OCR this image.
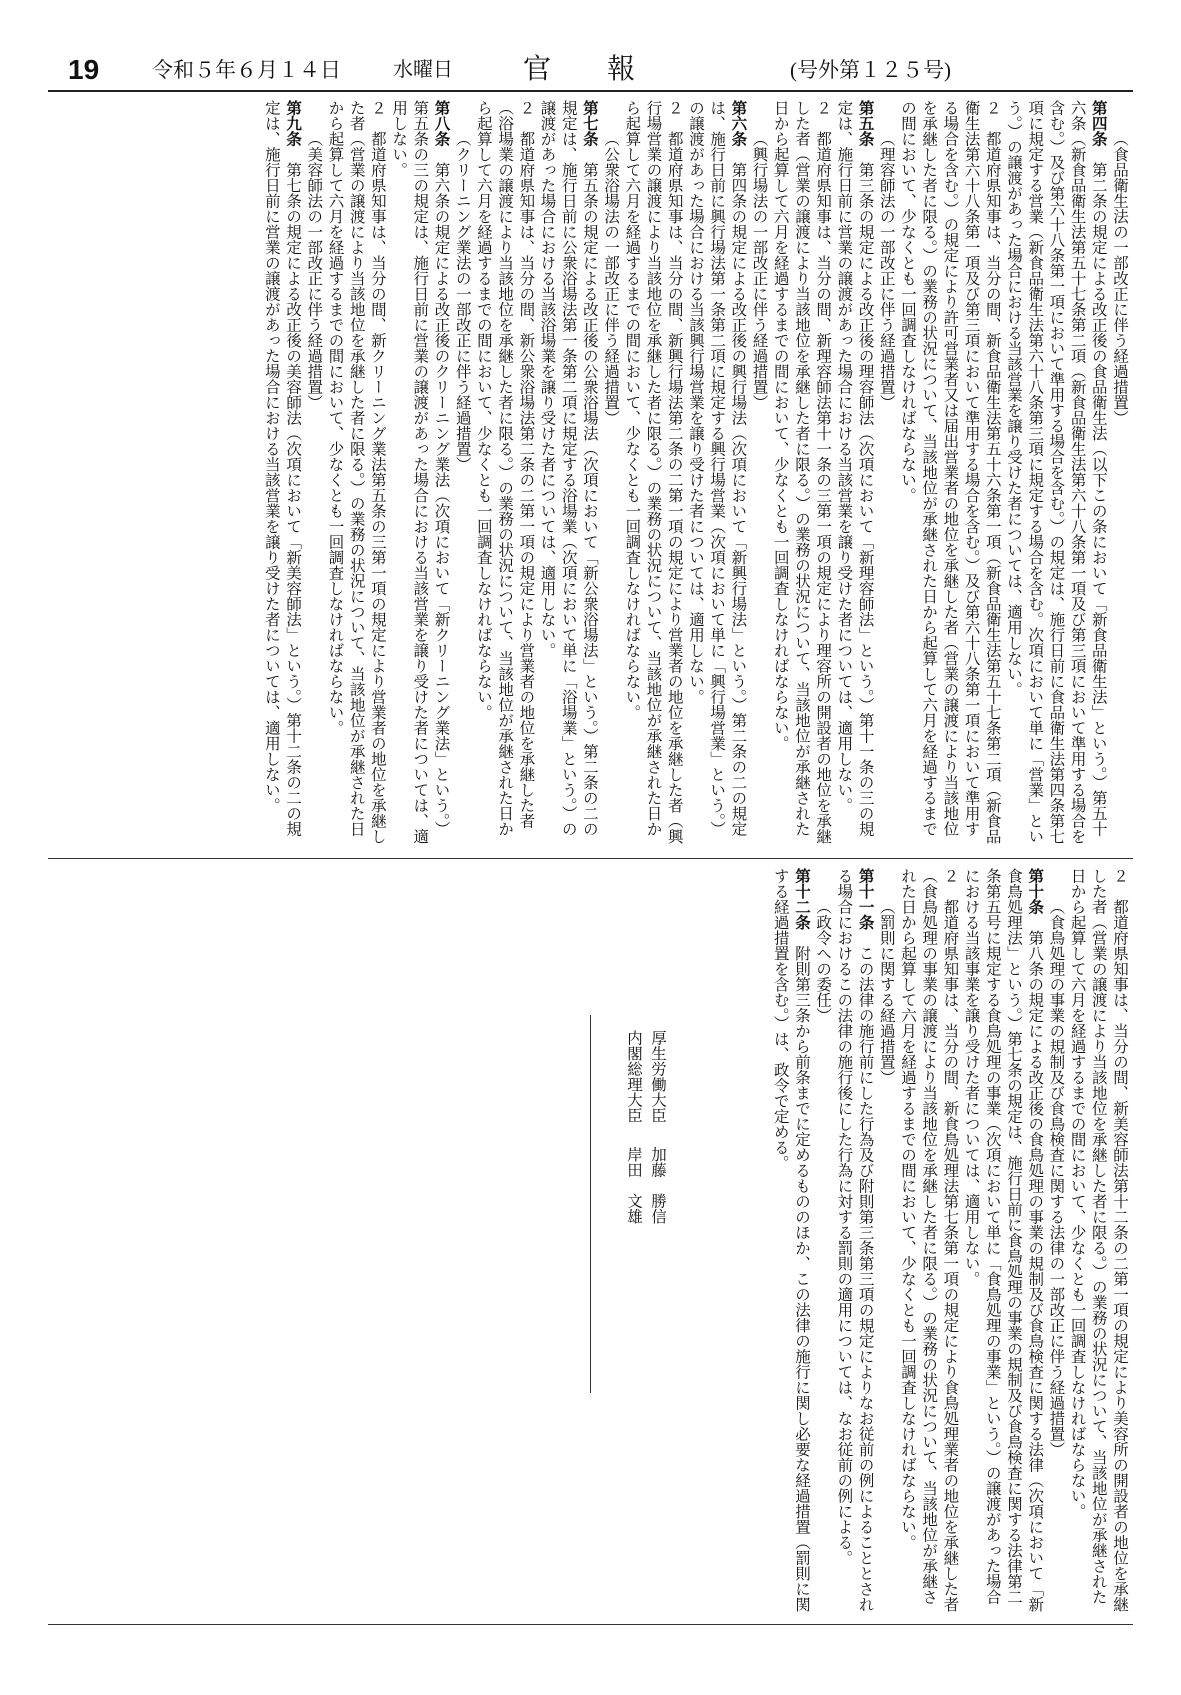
19	令和５年６月１４日	水曜日	官報	(号外第１２５号)

（食品衛生法の一部改正に伴う経過措置）

第四条　第二条の規定による改正後の食品衛生法（以下この条において「新食品衛生法」という。）第五十六条（新食品衛生法第五十七条第二項（新食品衛生法第六十八条第一項及び第三項において準用する場合を含む。）及び第六十八条第一項において準用する場合を含む。）の規定は、施行日前に食品衛生法第四条第七項に規定する営業（新食品衛生法第六十八条第三項に規定する場合を含む。次項において単に「営業」という。）の譲渡があった場合における当該営業を譲り受けた者については、適用しない。

２　都道府県知事は、当分の間、新食品衛生法第五十六条第一項（新食品衛生法第五十七条第二項（新食品衛生法第六十八条第一項及び第三項において準用する場合を含む。）及び第六十八条第一項において準用する場合を含む。）の規定により許可営業者又は届出営業者の地位を承継した者（営業の譲渡により当該地位を承継した者に限る。）の業務の状況について、当該地位が承継された日から起算して六月を経過するまでの間において、少なくとも一回調査しなければならない。

（理容師法の一部改正に伴う経過措置）

第五条　第三条の規定による改正後の理容師法（次項において「新理容師法」という。）第十一条の三の規定は、施行日前に営業の譲渡があった場合における当該営業を譲り受けた者については、適用しない。

２　都道府県知事は、当分の間、新理容師法第十一条の三第一項の規定により理容所の開設者の地位を承継した者（営業の譲渡により当該地位を承継した者に限る。）の業務の状況について、当該地位が承継された日から起算して六月を経過するまでの間において、少なくとも一回調査しなければならない。

（興行場法の一部改正に伴う経過措置）

第六条　第四条の規定による改正後の興行場法（次項において「新興行場法」という。）第二条の二の規定は、施行日前に興行場法第一条第二項に規定する興行場営業（次項において単に「興行場営業」という。）の譲渡があった場合における当該興行場営業を譲り受けた者については、適用しない。

２　都道府県知事は、当分の間、新興行場法第二条の二第一項の規定により営業者の地位を承継した者（興行場営業の譲渡により当該地位を承継した者に限る。）の業務の状況について、当該地位が承継された日から起算して六月を経過するまでの間において、少なくとも一回調査しなければならない。

（公衆浴場法の一部改正に伴う経過措置）

第七条　第五条の規定による改正後の公衆浴場法（次項において「新公衆浴場法」という。）第二条の二の規定は、施行日前に公衆浴場法第一条第二項に規定する浴場業（次項において単に「浴場業」という。）の譲渡があった場合における当該浴場業を譲り受けた者については、適用しない。

２　都道府県知事は、当分の間、新公衆浴場法第二条の二第一項の規定により営業者の地位を承継した者（浴場業の譲渡により当該地位を承継した者に限る。）の業務の状況について、当該地位が承継された日から起算して六月を経過するまでの間において、少なくとも一回調査しなければならない。

（クリーニング業法の一部改正に伴う経過措置）

第八条　第六条の規定による改正後のクリーニング業法（次項において「新クリーニング業法」という。）第五条の三の規定は、施行日前に営業の譲渡があった場合における当該営業を譲り受けた者については、適用しない。

２　都道府県知事は、当分の間、新クリーニング業法第五条の三第一項の規定により営業者の地位を承継した者（営業の譲渡により当該地位を承継した者に限る。）の業務の状況について、当該地位が承継された日から起算して六月を経過するまでの間において、少なくとも一回調査しなければならない。

（美容師法の一部改正に伴う経過措置）

第九条　第七条の規定による改正後の美容師法（次項において「新美容師法」という。）第十二条の二の規定は、施行日前に営業の譲渡があった場合における当該営業を譲り受けた者については、適用しない。

２　都道府県知事は、当分の間、新美容師法第十二条の二第一項の規定により美容所の開設者の地位を承継した者（営業の譲渡により当該地位を承継した者に限る。）の業務の状況について、当該地位が承継された日から起算して六月を経過するまでの間において、少なくとも一回調査しなければならない。

（食鳥処理の事業の規制及び食鳥検査に関する法律の一部改正に伴う経過措置）

第十条　第八条の規定による改正後の食鳥処理の事業の規制及び食鳥検査に関する法律（次項において「新食鳥処理法」という。）第七条の規定は、施行日前に食鳥処理の事業の規制及び食鳥検査に関する法律第二条第五号に規定する食鳥処理の事業（次項において単に「食鳥処理の事業」という。）の譲渡があった場合における当該事業を譲り受けた者については、適用しない。

２　都道府県知事は、当分の間、新食鳥処理法第七条第一項の規定により食鳥処理業者の地位を承継した者（食鳥処理の事業の譲渡により当該地位を承継した者に限る。）の業務の状況について、当該地位が承継された日から起算して六月を経過するまでの間において、少なくとも一回調査しなければならない。

（罰則に関する経過措置）

第十一条　この法律の施行前にした行為及び附則第三条第三項の規定によりなお従前の例によることとされる場合におけるこの法律の施行後にした行為に対する罰則の適用については、なお従前の例による。

（政令への委任）

第十二条　附則第三条から前条までに定めるもののほか、この法律の施行に関し必要な経過措置（罰則に関する経過措置を含む。）は、政令で定める。

厚生労働大臣加藤　勝信
内閣総理大臣岸田　文雄
